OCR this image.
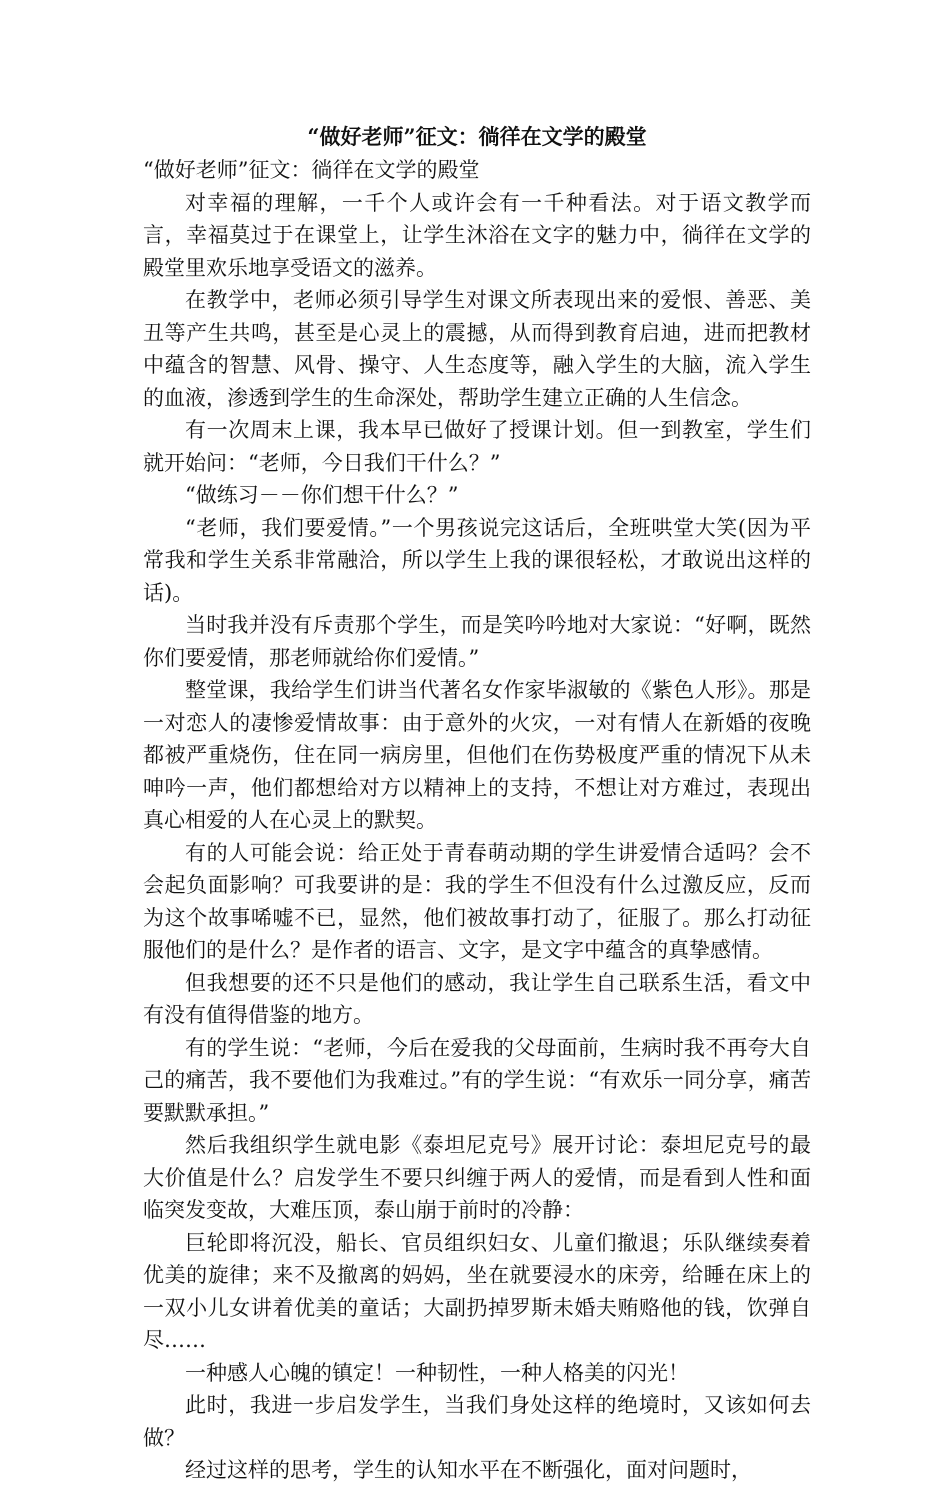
“做好老师”征文：徜徉在文学的殿堂

“做好老师”征文：徜徉在文学的殿堂

对幸福的理解，一千个人或许会有一千种看法。对于语文教学而言，幸福莫过于在课堂上，让学生沐浴在文字的魅力中，徜徉在文学的殿堂里欢乐地享受语文的滋养。

在教学中，老师必须引导学生对课文所表现出来的爱恨、善恶、美丑等产生共鸣，甚至是心灵上的震撼，从而得到教育启迪，进而把教材中蕴含的智慧、风骨、操守、人生态度等，融入学生的大脑，流入学生的血液，渗透到学生的生命深处，帮助学生建立正确的人生信念。

有一次周末上课，我本早已做好了授课计划。但一到教室，学生们就开始问：“老师，今日我们干什么？”

“做练习－－你们想干什么？”

“老师，我们要爱情。”一个男孩说完这话后，全班哄堂大笑(因为平常我和学生关系非常融洽，所以学生上我的课很轻松，才敢说出这样的话)。

当时我并没有斥责那个学生，而是笑吟吟地对大家说：“好啊，既然你们要爱情，那老师就给你们爱情。”

整堂课，我给学生们讲当代著名女作家毕淑敏的《紫色人形》。那是一对恋人的凄惨爱情故事：由于意外的火灾，一对有情人在新婚的夜晚都被严重烧伤，住在同一病房里，但他们在伤势极度严重的情况下从未呻吟一声，他们都想给对方以精神上的支持，不想让对方难过，表现出真心相爱的人在心灵上的默契。

有的人可能会说：给正处于青春萌动期的学生讲爱情合适吗？会不会起负面影响？可我要讲的是：我的学生不但没有什么过激反应，反而为这个故事唏嘘不已，显然，他们被故事打动了，征服了。那么打动征服他们的是什么？是作者的语言、文字，是文字中蕴含的真挚感情。

但我想要的还不只是他们的感动，我让学生自己联系生活，看文中有没有值得借鉴的地方。

有的学生说：“老师，今后在爱我的父母面前，生病时我不再夸大自己的痛苦，我不要他们为我难过。”有的学生说：“有欢乐一同分享，痛苦要默默承担。”

然后我组织学生就电影《泰坦尼克号》展开讨论：泰坦尼克号的最大价值是什么？启发学生不要只纠缠于两人的爱情，而是看到人性和面临突发变故，大难压顶，泰山崩于前时的冷静：

巨轮即将沉没，船长、官员组织妇女、儿童们撤退；乐队继续奏着优美的旋律；来不及撤离的妈妈，坐在就要浸水的床旁，给睡在床上的一双小儿女讲着优美的童话；大副扔掉罗斯未婚夫贿赂他的钱，饮弹自尽……

一种感人心魄的镇定！一种韧性，一种人格美的闪光！

此时，我进一步启发学生，当我们身处这样的绝境时，又该如何去做？

经过这样的思考，学生的认知水平在不断强化，面对问题时，
